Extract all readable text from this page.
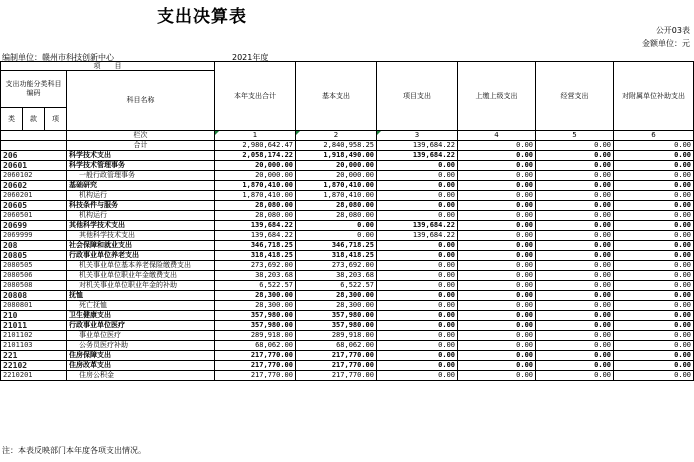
支出决算表
公开03表
金额单位：元
编制单位：赣州市科技创新中心	2021年度
项　　目				本年支出合计	基本支出	项目支出	上缴上级支出	经营支出	对附属单位补助支出
支出功能分类科目编码			科目名称						
类	款	项							
			栏次	1	2	3	4	5	6
			合计	2,980,642.47	2,840,958.25	139,684.22	0.00	0.00	0.00
206			科学技术支出	2,058,174.22	1,918,490.00	139,684.22	0.00	0.00	0.00
20601			科学技术管理事务	20,000.00	20,000.00	0.00	0.00	0.00	0.00
2060102			一般行政管理事务	20,000.00	20,000.00	0.00	0.00	0.00	0.00
20602			基础研究	1,870,410.00	1,870,410.00	0.00	0.00	0.00	0.00
2060201			机构运行	1,870,410.00	1,870,410.00	0.00	0.00	0.00	0.00
20605			科技条件与服务	28,080.00	28,080.00	0.00	0.00	0.00	0.00
2060501			机构运行	28,080.00	28,080.00	0.00	0.00	0.00	0.00
20699			其他科学技术支出	139,684.22	0.00	139,684.22	0.00	0.00	0.00
2069999			其他科学技术支出	139,684.22	0.00	139,684.22	0.00	0.00	0.00
208			社会保障和就业支出	346,718.25	346,718.25	0.00	0.00	0.00	0.00
20805			行政事业单位养老支出	318,418.25	318,418.25	0.00	0.00	0.00	0.00
2080505			机关事业单位基本养老保险缴费支出	273,692.00	273,692.00	0.00	0.00	0.00	0.00
2080506			机关事业单位职业年金缴费支出	38,203.68	38,203.68	0.00	0.00	0.00	0.00
2080508			对机关事业单位职业年金的补助	6,522.57	6,522.57	0.00	0.00	0.00	0.00
20808			抚恤	28,300.00	28,300.00	0.00	0.00	0.00	0.00
2080801			死亡抚恤	28,300.00	28,300.00	0.00	0.00	0.00	0.00
210			卫生健康支出	357,980.00	357,980.00	0.00	0.00	0.00	0.00
21011			行政事业单位医疗	357,980.00	357,980.00	0.00	0.00	0.00	0.00
2101102			事业单位医疗	289,918.00	289,918.00	0.00	0.00	0.00	0.00
2101103			公务员医疗补助	68,062.00	68,062.00	0.00	0.00	0.00	0.00
221			住房保障支出	217,770.00	217,770.00	0.00	0.00	0.00	0.00
22102			住房改革支出	217,770.00	217,770.00	0.00	0.00	0.00	0.00
2210201			住房公积金	217,770.00	217,770.00	0.00	0.00	0.00	0.00
注：本表反映部门本年度各项支出情况。
